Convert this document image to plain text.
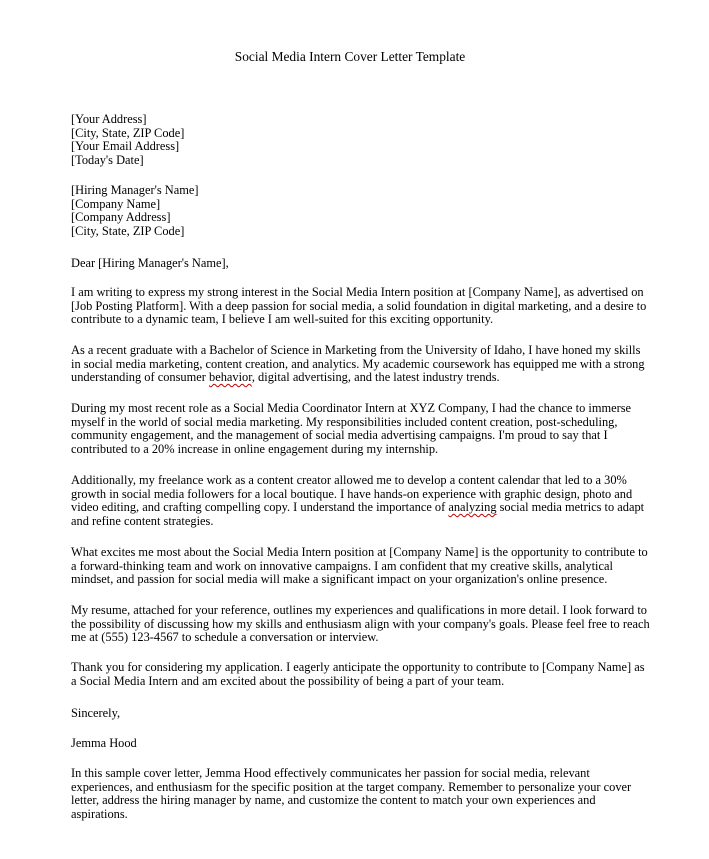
Social Media Intern Cover Letter Template
[Your Address]
[City, State, ZIP Code]
[Your Email Address]
[Today's Date]
[Hiring Manager's Name]
[Company Name]
[Company Address]
[City, State, ZIP Code]
Dear [Hiring Manager's Name],
I am writing to express my strong interest in the Social Media Intern position at [Company Name], as advertised on
[Job Posting Platform]. With a deep passion for social media, a solid foundation in digital marketing, and a desire to
contribute to a dynamic team, I believe I am well-suited for this exciting opportunity.
As a recent graduate with a Bachelor of Science in Marketing from the University of Idaho, I have honed my skills
in social media marketing, content creation, and analytics. My academic coursework has equipped me with a strong
understanding of consumer behavior, digital advertising, and the latest industry trends.
During my most recent role as a Social Media Coordinator Intern at XYZ Company, I had the chance to immerse
myself in the world of social media marketing. My responsibilities included content creation, post-scheduling,
community engagement, and the management of social media advertising campaigns. I'm proud to say that I
contributed to a 20% increase in online engagement during my internship.
Additionally, my freelance work as a content creator allowed me to develop a content calendar that led to a 30%
growth in social media followers for a local boutique. I have hands-on experience with graphic design, photo and
video editing, and crafting compelling copy. I understand the importance of analyzing social media metrics to adapt
and refine content strategies.
What excites me most about the Social Media Intern position at [Company Name] is the opportunity to contribute to
a forward-thinking team and work on innovative campaigns. I am confident that my creative skills, analytical
mindset, and passion for social media will make a significant impact on your organization's online presence.
My resume, attached for your reference, outlines my experiences and qualifications in more detail. I look forward to
the possibility of discussing how my skills and enthusiasm align with your company's goals. Please feel free to reach
me at (555) 123-4567 to schedule a conversation or interview.
Thank you for considering my application. I eagerly anticipate the opportunity to contribute to [Company Name] as
a Social Media Intern and am excited about the possibility of being a part of your team.
Sincerely,
Jemma Hood
In this sample cover letter, Jemma Hood effectively communicates her passion for social media, relevant
experiences, and enthusiasm for the specific position at the target company. Remember to personalize your cover
letter, address the hiring manager by name, and customize the content to match your own experiences and
aspirations.
